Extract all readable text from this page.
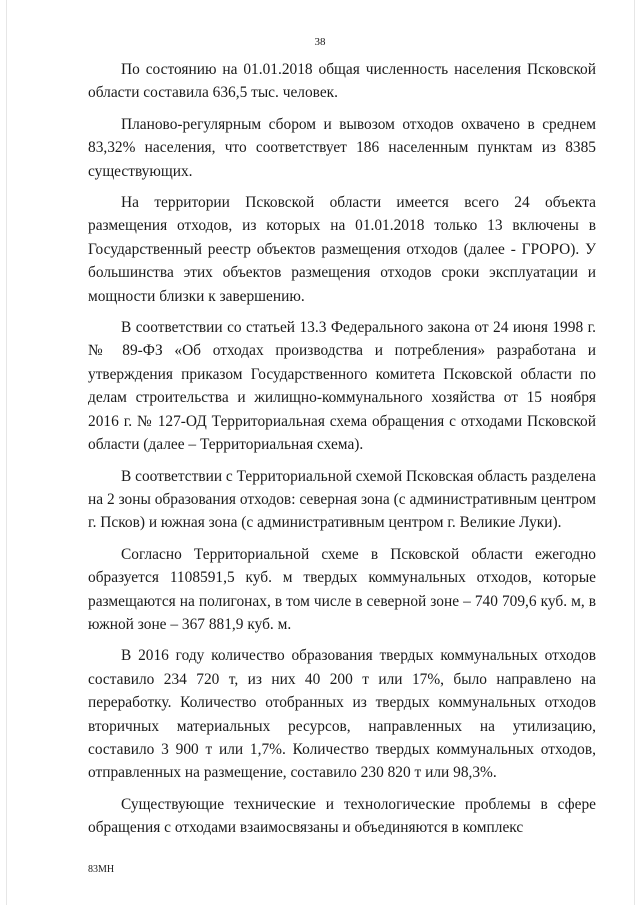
38

По состоянию на 01.01.2018 общая численность населения Псковской области составила 636,5 тыс. человек.

Планово-регулярным сбором и вывозом отходов охвачено в среднем 83,32% населения, что соответствует 186 населенным пунктам из 8385 существующих.

На территории Псковской области имеется всего 24 объекта размещения отходов, из которых на 01.01.2018 только 13 включены в Государственный реестр объектов размещения отходов (далее - ГРОРО). У большинства этих объектов размещения отходов сроки эксплуатации и мощности близки к завершению.

В соответствии со статьей 13.3 Федерального закона от 24 июня 1998 г. № 89-ФЗ «Об отходах производства и потребления» разработана и утверждения приказом Государственного комитета Псковской области по делам строительства и жилищно-коммунального хозяйства от 15 ноября 2016 г. № 127-ОД Территориальная схема обращения с отходами Псковской области (далее – Территориальная схема).

В соответствии с Территориальной схемой Псковская область разделена на 2 зоны образования отходов: северная зона (с административным центром г. Псков) и южная зона (с административным центром г. Великие Луки).

Согласно Территориальной схеме в Псковской области ежегодно образуется 1108591,5 куб. м твердых коммунальных отходов, которые размещаются на полигонах, в том числе в северной зоне – 740 709,6 куб. м, в южной зоне – 367 881,9 куб. м.

В 2016 году количество образования твердых коммунальных отходов составило 234 720 т, из них 40 200 т или 17%, было направлено на переработку. Количество отобранных из твердых коммунальных отходов вторичных материальных ресурсов, направленных на утилизацию, составило 3 900 т или 1,7%. Количество твердых коммунальных отходов, отправленных на размещение, составило 230 820 т или 98,3%.

Существующие технические и технологические проблемы в сфере обращения с отходами взаимосвязаны и объединяются в комплекс

83МН
